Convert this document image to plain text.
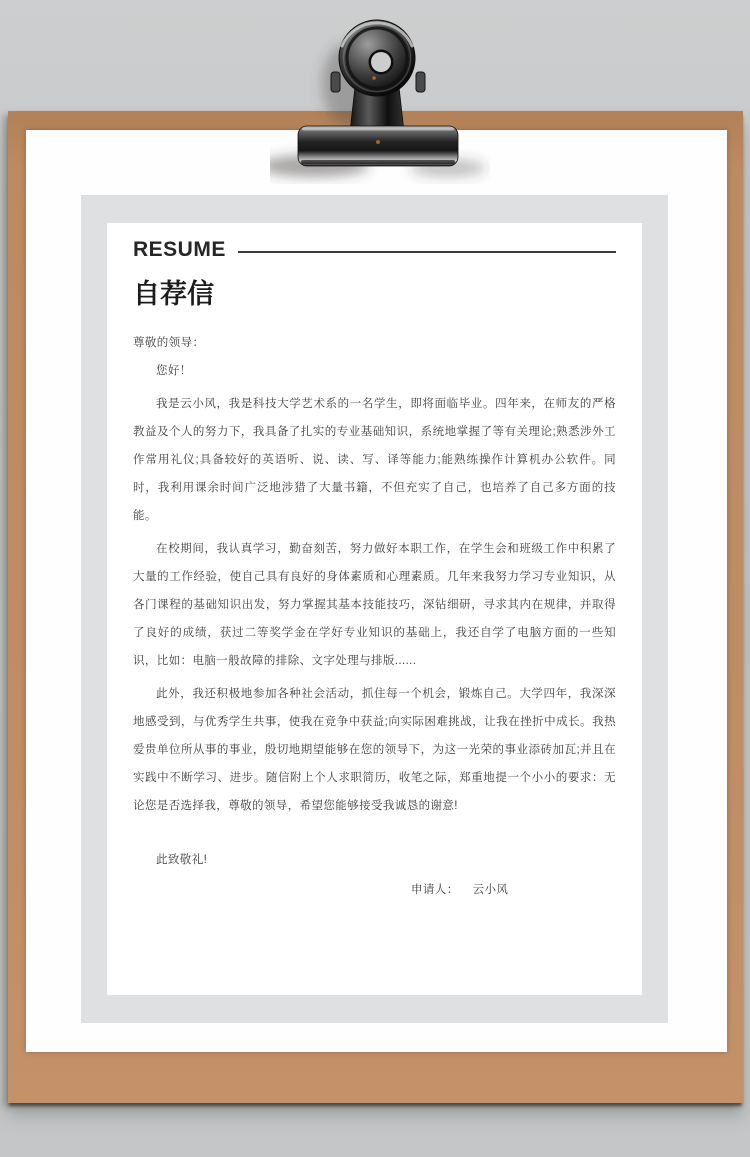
RESUME
自荐信
尊敬的领导：
您好！

我是云小风，我是科技大学艺术系的一名学生，即将面临毕业。四年来，在师友的严格教益及个人的努力下，我具备了扎实的专业基础知识，系统地掌握了等有关理论;熟悉涉外工作常用礼仪;具备较好的英语听、说、读、写、译等能力;能熟练操作计算机办公软件。同时，我利用课余时间广泛地涉猎了大量书籍，不但充实了自己，也培养了自己多方面的技能。

在校期间，我认真学习，勤奋刻苦，努力做好本职工作，在学生会和班级工作中积累了大量的工作经验，使自己具有良好的身体素质和心理素质。几年来我努力学习专业知识，从各门课程的基础知识出发，努力掌握其基本技能技巧，深钻细研，寻求其内在规律，并取得了良好的成绩，获过二等奖学金在学好专业知识的基础上，我还自学了电脑方面的一些知识，比如：电脑一般故障的排除、文字处理与排版......

此外，我还积极地参加各种社会活动，抓住每一个机会，锻炼自己。大学四年，我深深地感受到，与优秀学生共事，使我在竞争中获益;向实际困难挑战，让我在挫折中成长。我热爱贵单位所从事的事业，殷切地期望能够在您的领导下，为这一光荣的事业添砖加瓦;并且在实践中不断学习、进步。随信附上个人求职简历，收笔之际，郑重地提一个小小的要求：无论您是否选择我，尊敬的领导，希望您能够接受我诚恳的谢意!

此致敬礼!
申请人： 云小风
